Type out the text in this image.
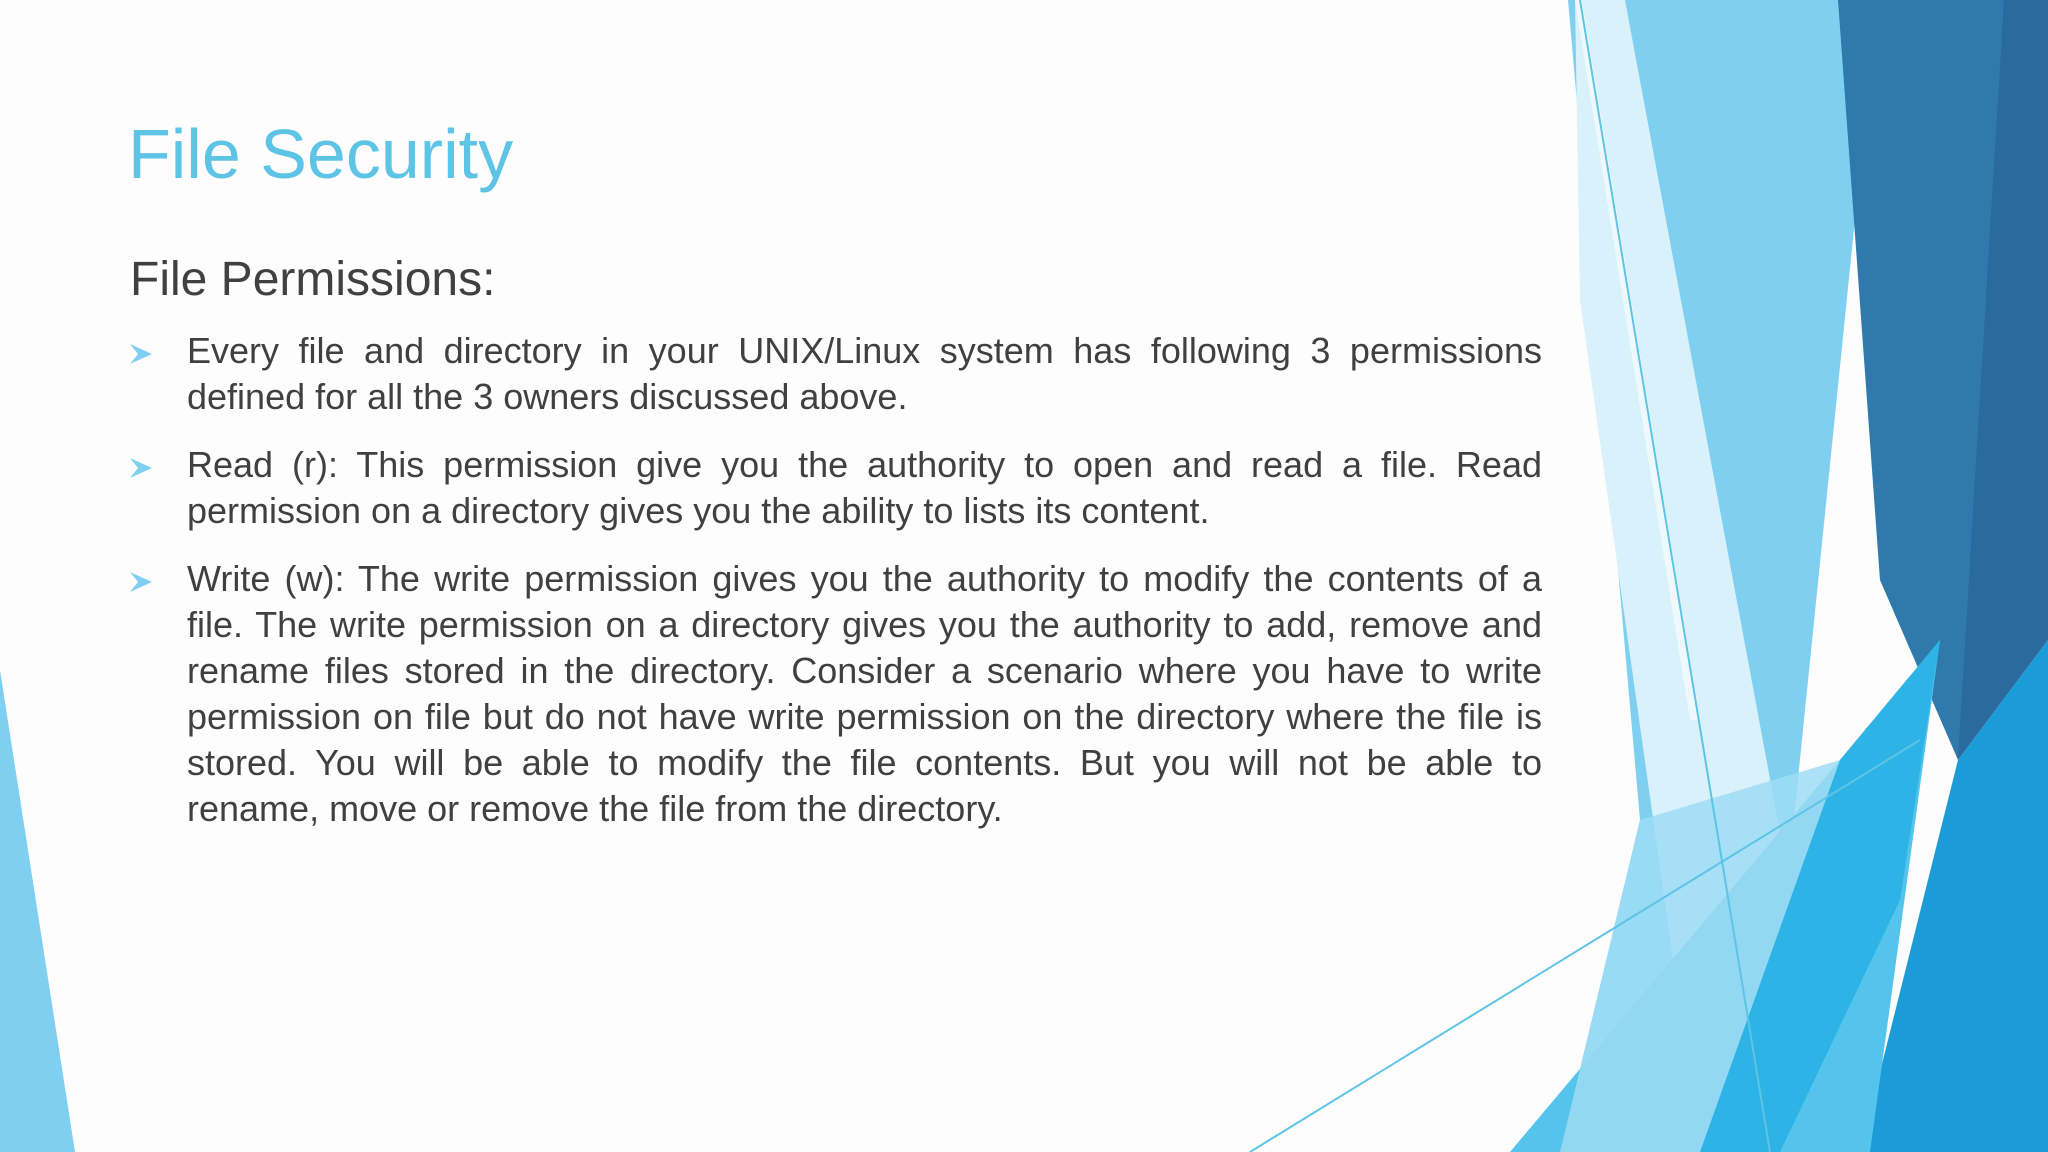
File Security
File Permissions:
Every file and directory in your UNIX/Linux system has following 3 permissions defined for all the 3 owners discussed above.
Read (r): This permission give you the authority to open and read a file. Read permission on a directory gives you the ability to lists its content.
Write (w): The write permission gives you the authority to modify the contents of a file. The write permission on a directory gives you the authority to add, remove and rename files stored in the directory. Consider a scenario where you have to write permission on file but do not have write permission on the directory where the file is stored. You will be able to modify the file contents. But you will not be able to rename, move or remove the file from the directory.
